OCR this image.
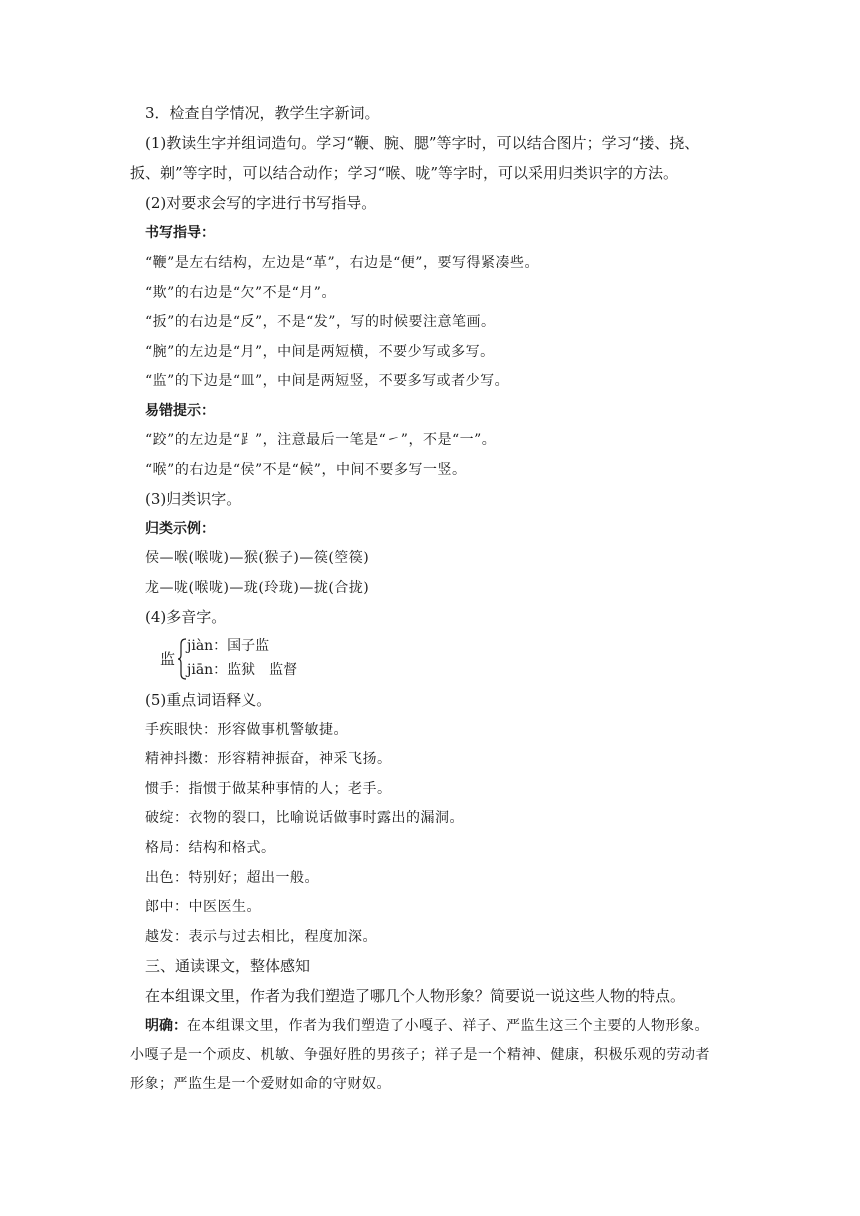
3．检查自学情况，教学生字新词。
(1)教读生字并组词造句。学习“鞭、腕、腮”等字时，可以结合图片；学习“搂、挠、
扳、剃”等字时，可以结合动作；学习“喉、咙”等字时，可以采用归类识字的方法。
(2)对要求会写的字进行书写指导。
书写指导：
“鞭”是左右结构，左边是“革”，右边是“便”，要写得紧凑些。
“欺”的右边是“欠”不是“月”。
“扳”的右边是“反”，不是“发”，写的时候要注意笔画。
“腕”的左边是“月”，中间是两短横，不要少写或多写。
“监”的下边是“皿”，中间是两短竖，不要多写或者少写。
易错提示：
“跤”的左边是“⻊”，注意最后一笔是“㇀”，不是“一”。
“喉”的右边是“侯”不是“候”，中间不要多写一竖。
(3)归类识字。
归类示例：
侯—喉(喉咙)—猴(猴子)—篌(箜篌)
龙—咙(喉咙)—珑(玲珑)—拢(合拢)
(4)多音字。
监
jiàn：国子监
jiān：监狱　监督
(5)重点词语释义。
手疾眼快：形容做事机警敏捷。
精神抖擞：形容精神振奋，神采飞扬。
惯手：指惯于做某种事情的人；老手。
破绽：衣物的裂口，比喻说话做事时露出的漏洞。
格局：结构和格式。
出色：特别好；超出一般。
郎中：中医医生。
越发：表示与过去相比，程度加深。
三、通读课文，整体感知
在本组课文里，作者为我们塑造了哪几个人物形象？简要说一说这些人物的特点。
明确：在本组课文里，作者为我们塑造了小嘎子、祥子、严监生这三个主要的人物形象。
小嘎子是一个顽皮、机敏、争强好胜的男孩子；祥子是一个精神、健康，积极乐观的劳动者
形象；严监生是一个爱财如命的守财奴。
